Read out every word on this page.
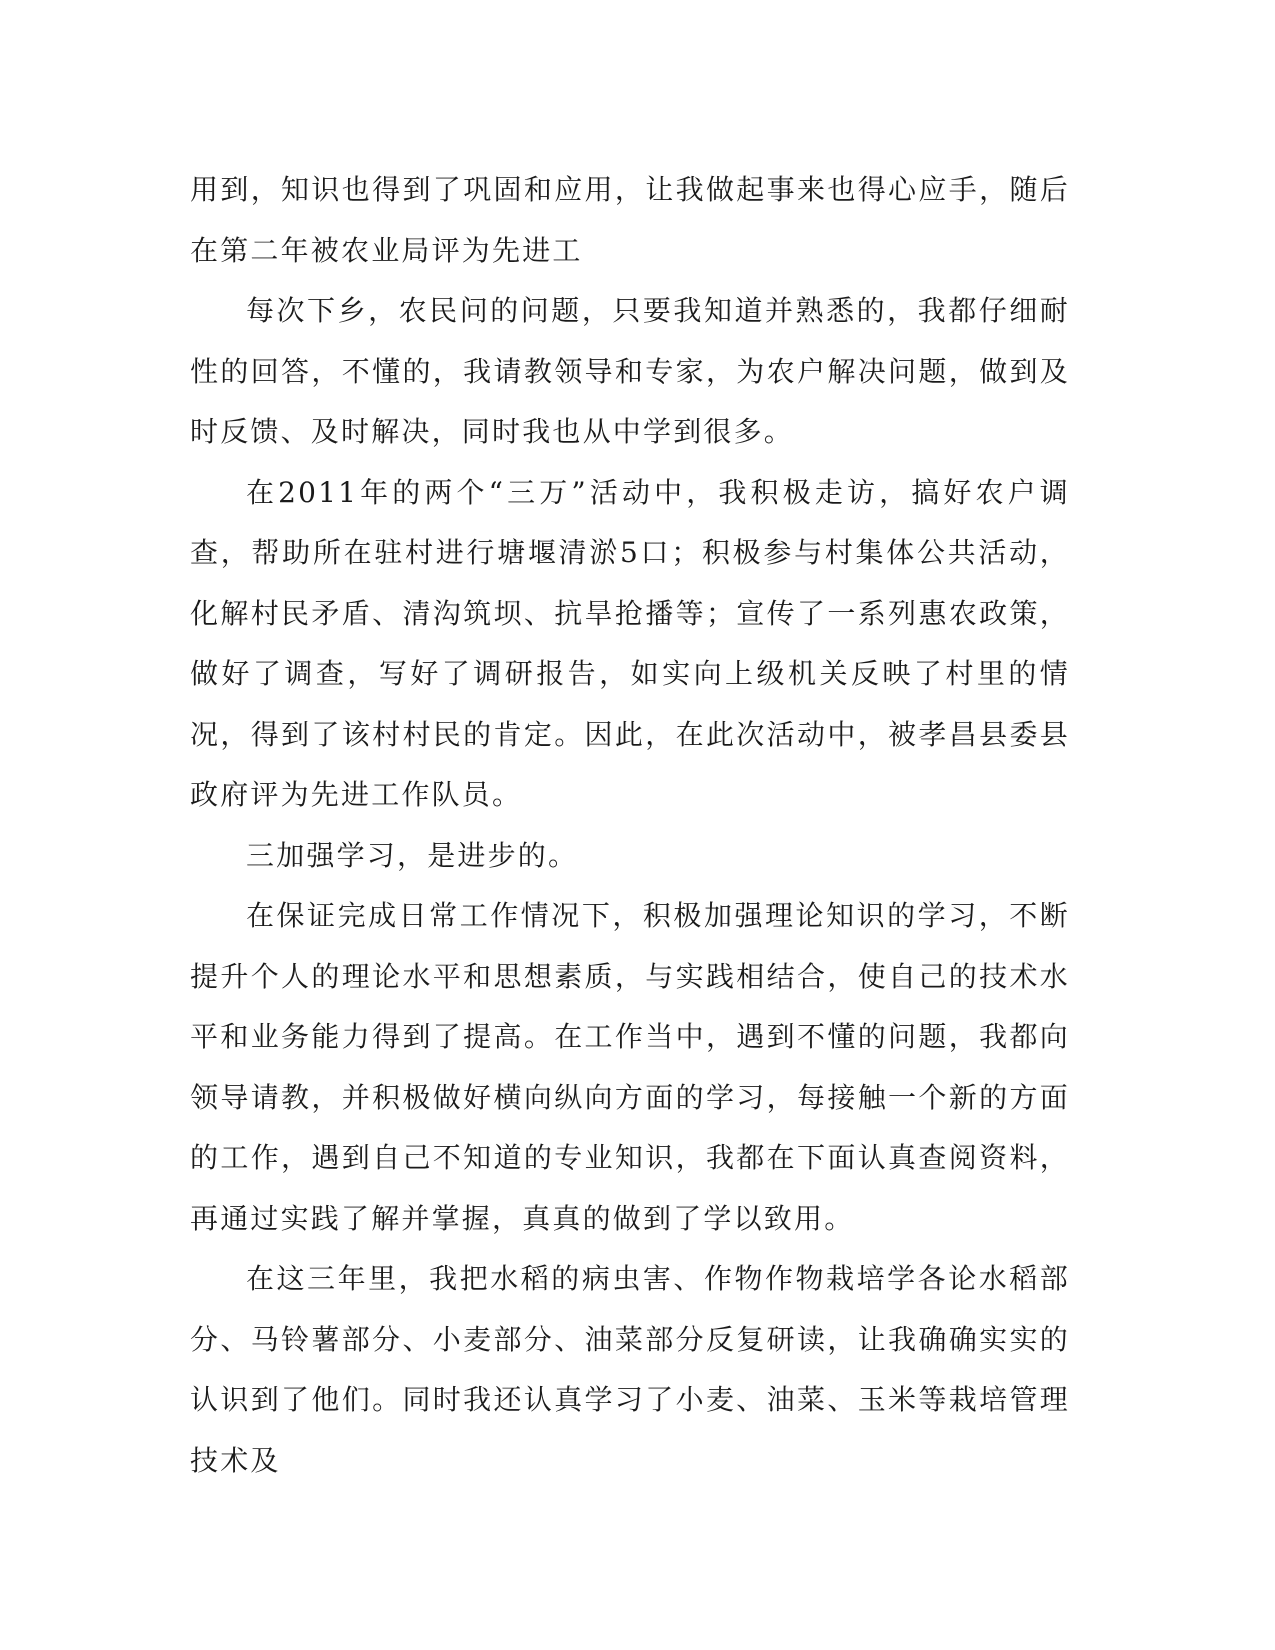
用到，知识也得到了巩固和应用，让我做起事来也得心应手，随后在第二年被农业局评为先进工

每次下乡，农民问的问题，只要我知道并熟悉的，我都仔细耐性的回答，不懂的，我请教领导和专家，为农户解决问题，做到及时反馈、及时解决，同时我也从中学到很多。

在2011年的两个“三万”活动中，我积极走访，搞好农户调查，帮助所在驻村进行塘堰清淤5口；积极参与村集体公共活动，化解村民矛盾、清沟筑坝、抗旱抢播等；宣传了一系列惠农政策，做好了调查，写好了调研报告，如实向上级机关反映了村里的情况，得到了该村村民的肯定。因此，在此次活动中，被孝昌县委县政府评为先进工作队员。

三加强学习，是进步的。

在保证完成日常工作情况下，积极加强理论知识的学习，不断提升个人的理论水平和思想素质，与实践相结合，使自己的技术水平和业务能力得到了提高。在工作当中，遇到不懂的问题，我都向领导请教，并积极做好横向纵向方面的学习，每接触一个新的方面的工作，遇到自己不知道的专业知识，我都在下面认真查阅资料，再通过实践了解并掌握，真真的做到了学以致用。

在这三年里，我把水稻的病虫害、作物作物栽培学各论水稻部分、马铃薯部分、小麦部分、油菜部分反复研读，让我确确实实的认识到了他们。同时我还认真学习了小麦、油菜、玉米等栽培管理技术及
